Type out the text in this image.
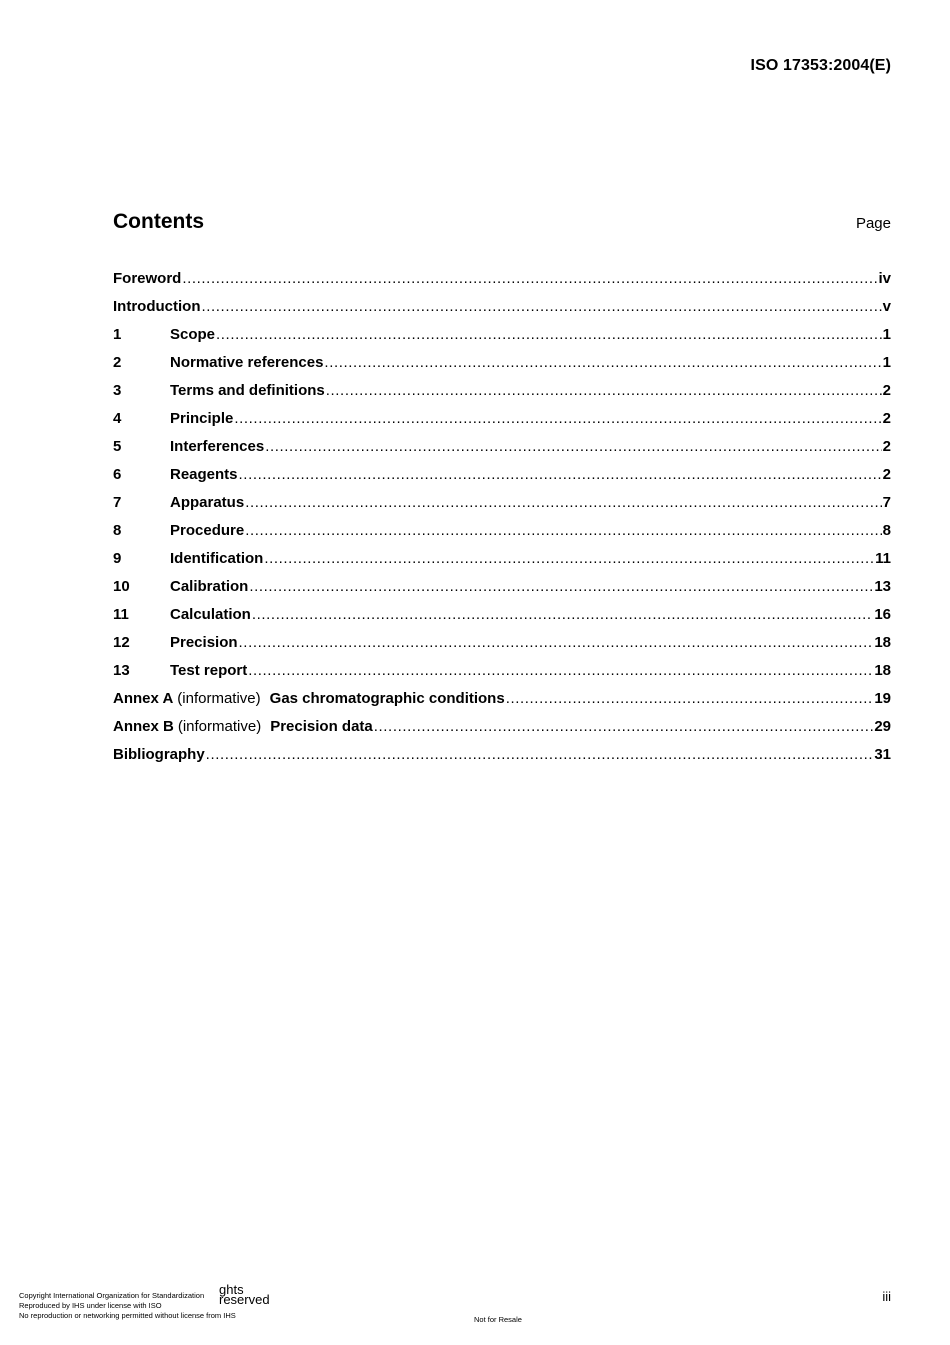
ISO 17353:2004(E)
Contents	Page
Foreword .....	iv
Introduction .....	v
1	Scope .....	1
2	Normative references .....	1
3	Terms and definitions .....	2
4	Principle .....	2
5	Interferences .....	2
6	Reagents .....	2
7	Apparatus .....	7
8	Procedure .....	8
9	Identification .....	11
10	Calibration .....	13
11	Calculation .....	16
12	Precision .....	18
13	Test report .....	18
Annex A (informative) Gas chromatographic conditions .....	19
Annex B (informative) Precision data .....	29
Bibliography .....	31
ghts reserved
Copyright International Organization for Standardization
Reproduced by IHS under license with ISO
No reproduction or networking permitted without license from IHS
iii
Not for Resale
